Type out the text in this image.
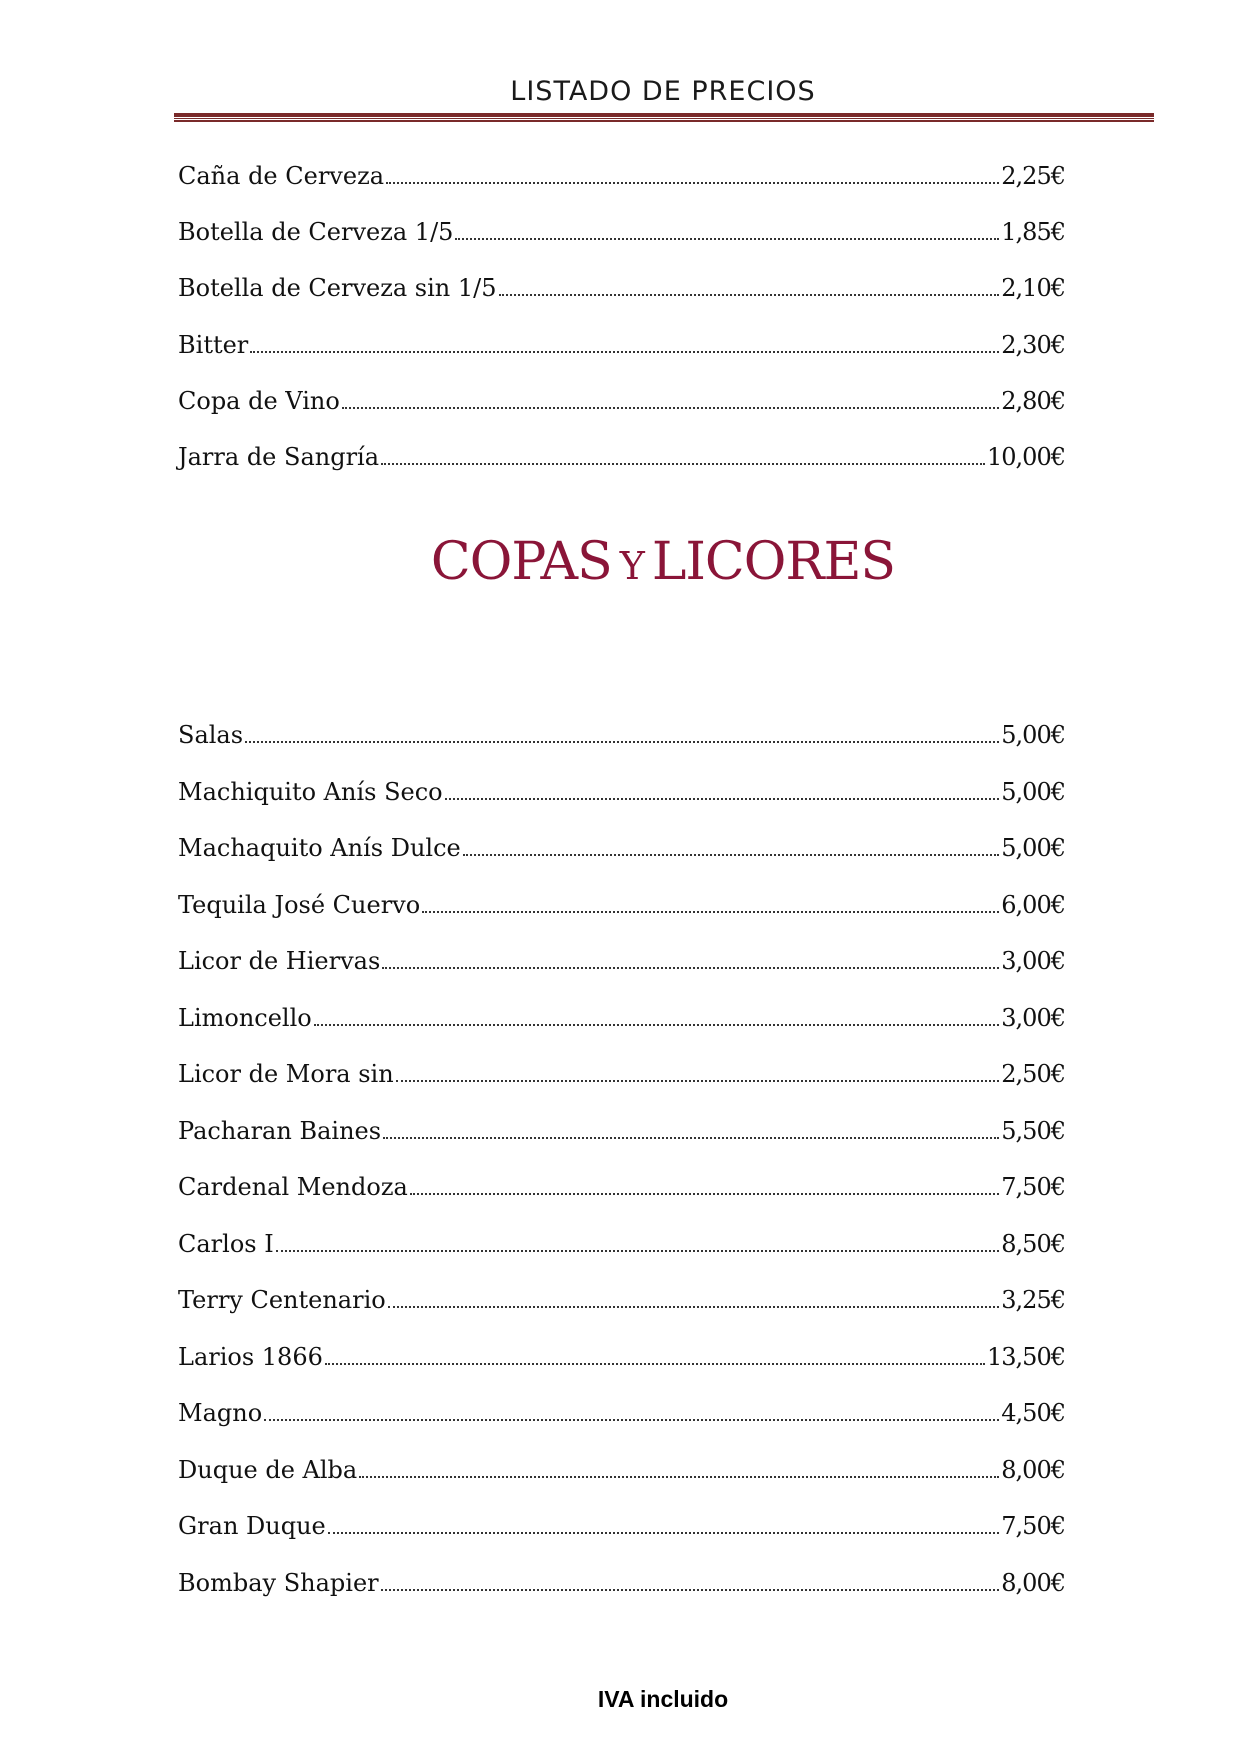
LISTADO DE PRECIOS
Caña de Cerveza	2,25€
Botella de Cerveza 1/5	1,85€
Botella de Cerveza sin 1/5	2,10€
Bitter	2,30€
Copa de Vino	2,80€
Jarra de Sangría	10,00€
COPAS Y LICORES
Salas	5,00€
Machiquito Anís Seco	5,00€
Machaquito Anís Dulce	5,00€
Tequila José Cuervo	6,00€
Licor de Hiervas	3,00€
Limoncello	3,00€
Licor de Mora sin	2,50€
Pacharan Baines	5,50€
Cardenal Mendoza	7,50€
Carlos I	8,50€
Terry Centenario	3,25€
Larios 1866	13,50€
Magno	4,50€
Duque de Alba	8,00€
Gran Duque	7,50€
Bombay Shapier	8,00€
IVA incluido
